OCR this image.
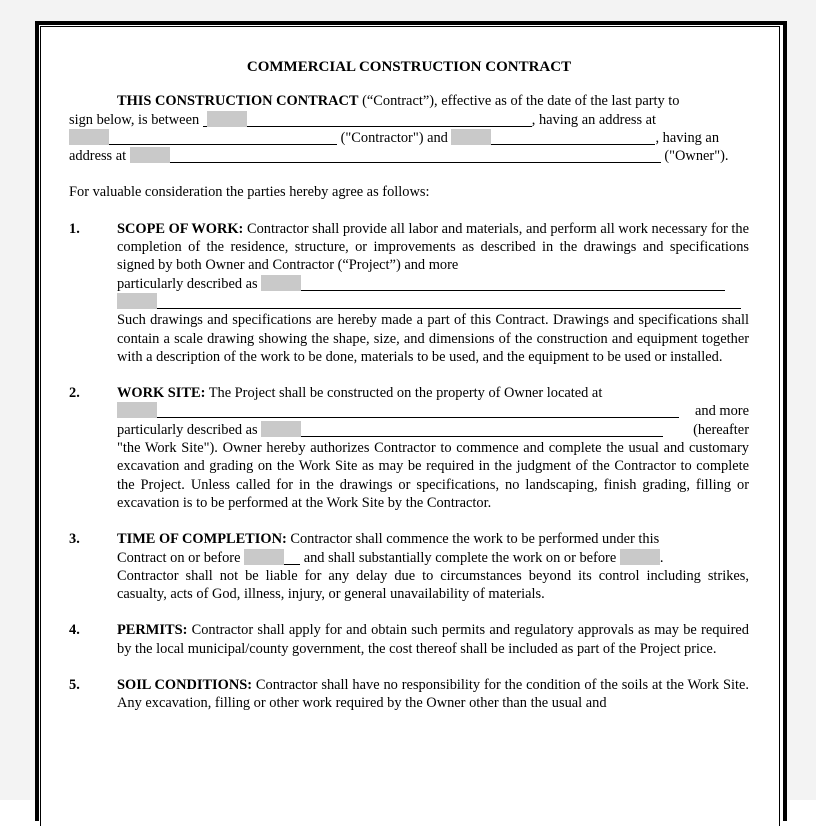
COMMERCIAL CONSTRUCTION CONTRACT
THIS CONSTRUCTION CONTRACT (“Contract”), effective as of the date of the last party to
sign below, is between	, having an address at
("Contractor") and	, having an
address at	("Owner").

For valuable consideration the parties hereby agree as follows:

1.	SCOPE OF WORK: Contractor shall provide all labor and materials, and perform all work necessary for the completion of the residence, structure, or improvements as described in the drawings and specifications signed by both Owner and Contractor (“Project”) and more

particularly described as

Such drawings and specifications are hereby made a part of this Contract. Drawings and specifications shall contain a scale drawing showing the shape, size, and dimensions of the construction and equipment together with a description of the work to be done, materials to be used, and the equipment to be used or installed.

2.	WORK SITE: The Project shall be constructed on the property of Owner located at
and more
particularly described as	(hereafter

"the Work Site"). Owner hereby authorizes Contractor to commence and complete the usual and customary excavation and grading on the Work Site as may be required in the judgment of the Contractor to complete the Project. Unless called for in the drawings or specifications, no landscaping, finish grading, filling or excavation is to be performed at the Work Site by the Contractor.

3.	TIME OF COMPLETION: Contractor shall commence the work to be performed under this
Contract on or before	and shall substantially complete the work on or before	.

Contractor shall not be liable for any delay due to circumstances beyond its control including strikes, casualty, acts of God, illness, injury, or general unavailability of materials.

4.	PERMITS: Contractor shall apply for and obtain such permits and regulatory approvals as may be required by the local municipal/county government, the cost thereof shall be included as part of the Project price.

5.	SOIL CONDITIONS: Contractor shall have no responsibility for the condition of the soils at the Work Site. Any excavation, filling or other work required by the Owner other than the usual and
